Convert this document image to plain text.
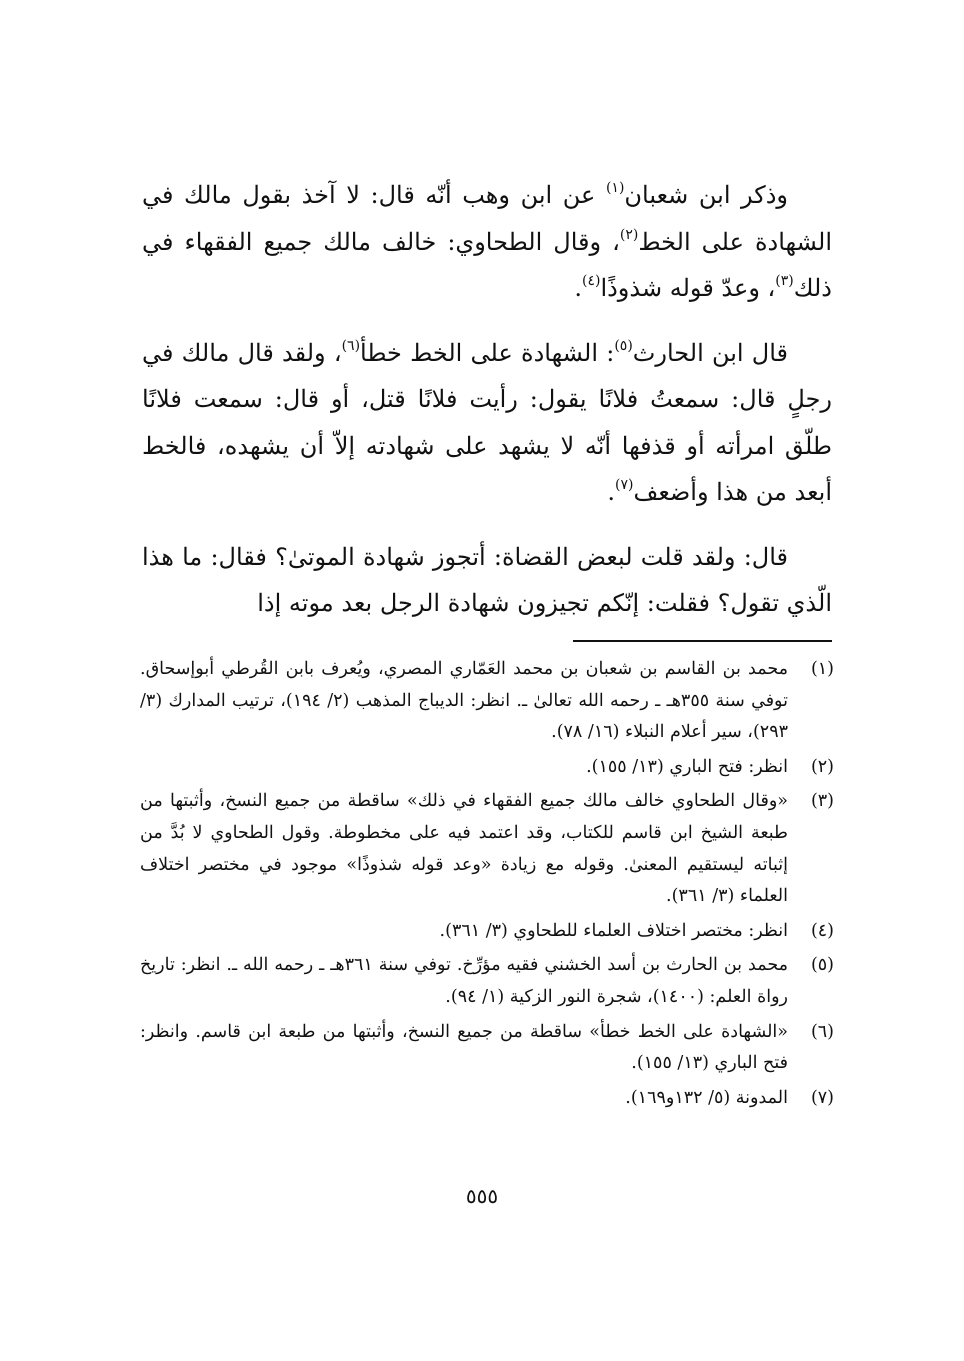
وذكر ابن شعبان$^{(١)}$ عن ابن وهب أنّه قال: لا آخذ بقول مالك في الشهادة على الخط$^{(٢)}$، وقال الطحاوي: خالف مالك جميع الفقهاء في ذلك$^{(٣)}$، وعدّ قوله شذوذًا$^{(٤)}$.

قال ابن الحارث$^{(٥)}$: الشهادة على الخط خطأ$^{(٦)}$، ولقد قال مالك في رجلٍ قال: سمعتُ فلانًا يقول: رأيت فلانًا قتل، أو قال: سمعت فلانًا طلّق امرأته أو قذفها أنّه لا يشهد على شهادته إلاّ أن يشهده، فالخط أبعد من هذا وأضعف$^{(٧)}$.

قال: ولقد قلت لبعض القضاة: أتجوز شهادة الموتىٰ؟ فقال: ما هذا الّذي تقول؟ فقلت: إنّكم تجيزون شهادة الرجل بعد موته إذا

(١)
محمد بن القاسم بن شعبان بن محمد العَمّاري المصري، ويُعرف بابن القُرطي أبوإسحاق. توفي سنة ٣٥٥هـ ـ رحمه الله تعالىٰ ـ. انظر: الديباج المذهب (٢/ ١٩٤)، ترتيب المدارك (٣/ ٢٩٣)، سير أعلام النبلاء (١٦/ ٧٨).
(٢)
انظر: فتح الباري (١٣/ ١٥٥).
(٣)
«وقال الطحاوي خالف مالك جميع الفقهاء في ذلك» ساقطة من جميع النسخ، وأثبتها من طبعة الشيخ ابن قاسم للكتاب، وقد اعتمد فيه على مخطوطة. وقول الطحاوي لا بُدَّ من إثباته ليستقيم المعنىٰ. وقوله مع زيادة «وعد قوله شذوذًا» موجود في مختصر اختلاف العلماء (٣/ ٣٦١).
(٤)
انظر: مختصر اختلاف العلماء للطحاوي (٣/ ٣٦١).
(٥)
محمد بن الحارث بن أسد الخشني فقيه مؤرِّخ. توفي سنة ٣٦١هـ ـ رحمه الله ـ. انظر: تاريخ رواة العلم: (١٤٠٠)، شجرة النور الزكية (١/ ٩٤).
(٦)
«الشهادة على الخط خطأ» ساقطة من جميع النسخ، وأثبتها من طبعة ابن قاسم. وانظر: فتح الباري (١٣/ ١٥٥).
(٧)
المدونة (٥/ ١٣٢و١٦٩).
٥٥٥
